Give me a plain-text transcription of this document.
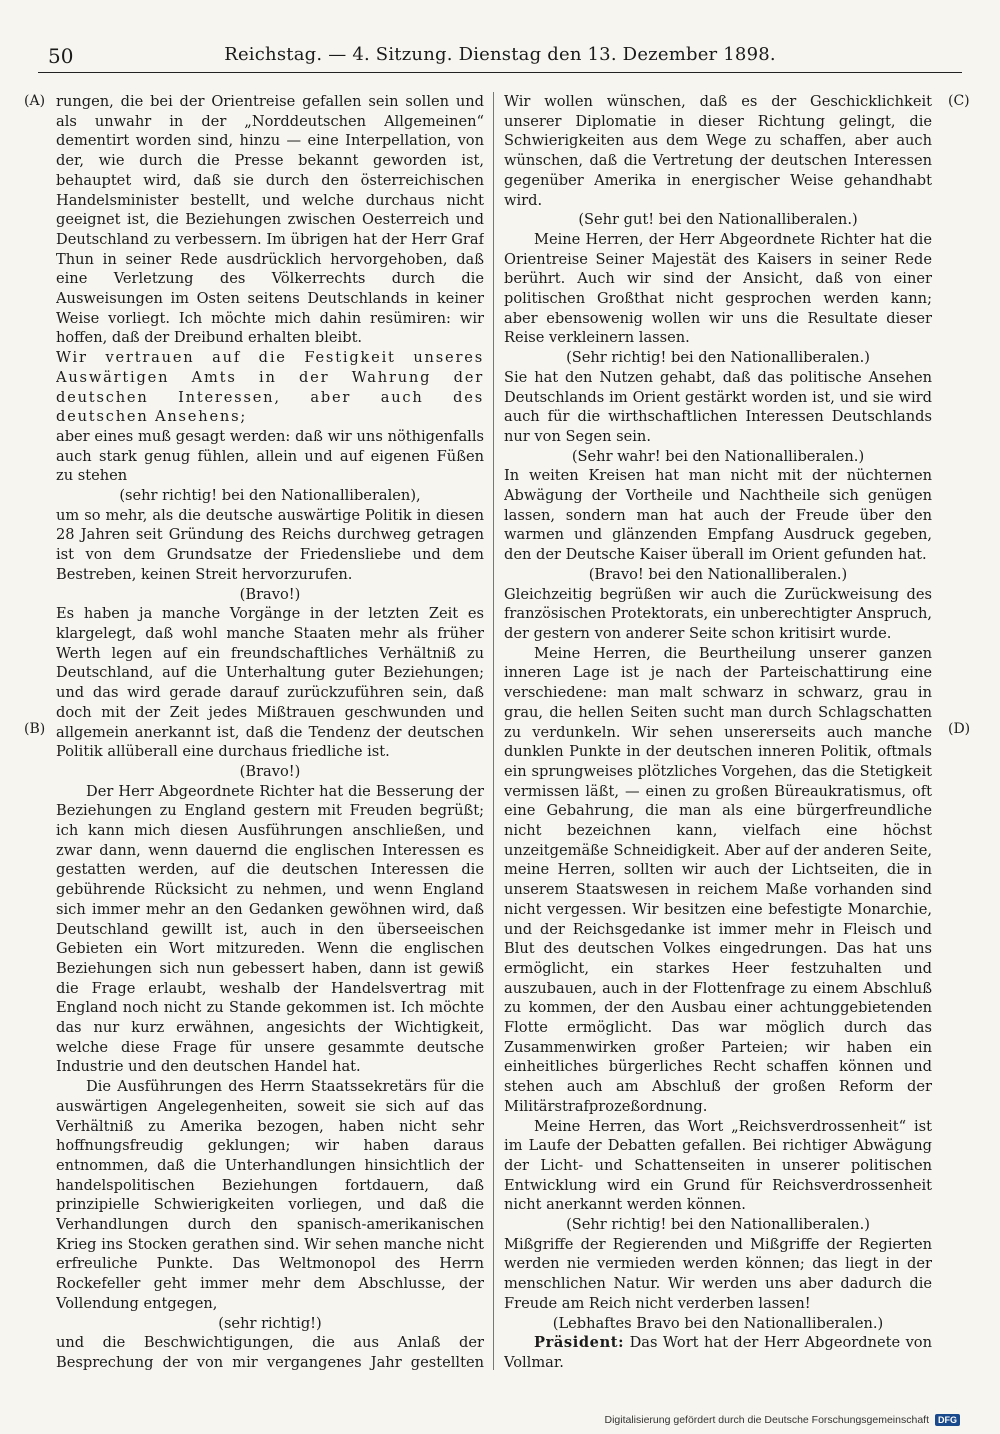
50	Reichstag. — 4. Sitzung. Dienstag den 13. Dezember 1898.
(A)
(B)
(C)
(D)

rungen, die bei der Orientreise gefallen sein sollen und als unwahr in der „Norddeutschen Allgemeinen“ dementirt worden sind, hinzu — eine Interpellation, von der, wie durch die Presse bekannt geworden ist, behauptet wird, daß sie durch den österreichischen Handelsminister bestellt, und welche durchaus nicht geeignet ist, die Beziehungen zwischen Oesterreich und Deutschland zu verbessern. Im übrigen hat der Herr Graf Thun in seiner Rede ausdrücklich hervorgehoben, daß eine Verletzung des Völkerrechts durch die Ausweisungen im Osten seitens Deutschlands in keiner Weise vorliegt. Ich möchte mich dahin resümiren: wir hoffen, daß der Dreibund erhalten bleibt.

Wir vertrauen auf die Festigkeit unseres Auswärtigen Amts in der Wahrung der deutschen Interessen, aber auch des deutschen Ansehens;

aber eines muß gesagt werden: daß wir uns nöthigenfalls auch stark genug fühlen, allein und auf eigenen Füßen zu stehen

(sehr richtig! bei den Nationalliberalen),

um so mehr, als die deutsche auswärtige Politik in diesen 28 Jahren seit Gründung des Reichs durchweg getragen ist von dem Grundsatze der Friedensliebe und dem Bestreben, keinen Streit hervorzurufen.

(Bravo!)

Es haben ja manche Vorgänge in der letzten Zeit es klargelegt, daß wohl manche Staaten mehr als früher Werth legen auf ein freundschaftliches Verhältniß zu Deutschland, auf die Unterhaltung guter Beziehungen; und das wird gerade darauf zurückzuführen sein, daß doch mit der Zeit jedes Mißtrauen geschwunden und allgemein anerkannt ist, daß die Tendenz der deutschen Politik allüberall eine durchaus friedliche ist.

(Bravo!)

Der Herr Abgeordnete Richter hat die Besserung der Beziehungen zu England gestern mit Freuden begrüßt; ich kann mich diesen Ausführungen anschließen, und zwar dann, wenn dauernd die englischen Interessen es gestatten werden, auf die deutschen Interessen die gebührende Rücksicht zu nehmen, und wenn England sich immer mehr an den Gedanken gewöhnen wird, daß Deutschland gewillt ist, auch in den überseeischen Gebieten ein Wort mitzureden. Wenn die englischen Beziehungen sich nun gebessert haben, dann ist gewiß die Frage erlaubt, weshalb der Handelsvertrag mit England noch nicht zu Stande gekommen ist. Ich möchte das nur kurz erwähnen, angesichts der Wichtigkeit, welche diese Frage für unsere gesammte deutsche Industrie und den deutschen Handel hat.

Die Ausführungen des Herrn Staatssekretärs für die auswärtigen Angelegenheiten, soweit sie sich auf das Verhältniß zu Amerika bezogen, haben nicht sehr hoffnungsfreudig geklungen; wir haben daraus entnommen, daß die Unterhandlungen hinsichtlich der handelspolitischen Beziehungen fortdauern, daß prinzipielle Schwierigkeiten vorliegen, und daß die Verhandlungen durch den spanisch-amerikanischen Krieg ins Stocken gerathen sind. Wir sehen manche nicht erfreuliche Punkte. Das Weltmonopol des Herrn Rockefeller geht immer mehr dem Abschlusse, der Vollendung entgegen,

(sehr richtig!)

und die Beschwichtigungen, die aus Anlaß der Besprechung der von mir vergangenes Jahr gestellten

Wir wollen wünschen, daß es der Geschicklichkeit unserer Diplomatie in dieser Richtung gelingt, die Schwierigkeiten aus dem Wege zu schaffen, aber auch wünschen, daß die Vertretung der deutschen Interessen gegenüber Amerika in energischer Weise gehandhabt wird.

(Sehr gut! bei den Nationalliberalen.)

Meine Herren, der Herr Abgeordnete Richter hat die Orientreise Seiner Majestät des Kaisers in seiner Rede berührt. Auch wir sind der Ansicht, daß von einer politischen Großthat nicht gesprochen werden kann; aber ebensowenig wollen wir uns die Resultate dieser Reise verkleinern lassen.

(Sehr richtig! bei den Nationalliberalen.)

Sie hat den Nutzen gehabt, daß das politische Ansehen Deutschlands im Orient gestärkt worden ist, und sie wird auch für die wirthschaftlichen Interessen Deutschlands nur von Segen sein.

(Sehr wahr! bei den Nationalliberalen.)

In weiten Kreisen hat man nicht mit der nüchternen Abwägung der Vortheile und Nachtheile sich genügen lassen, sondern man hat auch der Freude über den warmen und glänzenden Empfang Ausdruck gegeben, den der Deutsche Kaiser überall im Orient gefunden hat.

(Bravo! bei den Nationalliberalen.)

Gleichzeitig begrüßen wir auch die Zurückweisung des französischen Protektorats, ein unberechtigter Anspruch, der gestern von anderer Seite schon kritisirt wurde.

Meine Herren, die Beurtheilung unserer ganzen inneren Lage ist je nach der Parteischattirung eine verschiedene: man malt schwarz in schwarz, grau in grau, die hellen Seiten sucht man durch Schlagschatten zu verdunkeln. Wir sehen unsererseits auch manche dunklen Punkte in der deutschen inneren Politik, oftmals ein sprungweises plötzliches Vorgehen, das die Stetigkeit vermissen läßt, — einen zu großen Büreaukratismus, oft eine Gebahrung, die man als eine bürgerfreundliche nicht bezeichnen kann, vielfach eine höchst unzeitgemäße Schneidigkeit. Aber auf der anderen Seite, meine Herren, sollten wir auch der Lichtseiten, die in unserem Staatswesen in reichem Maße vorhanden sind nicht vergessen. Wir besitzen eine befestigte Monarchie, und der Reichsgedanke ist immer mehr in Fleisch und Blut des deutschen Volkes eingedrungen. Das hat uns ermöglicht, ein starkes Heer festzuhalten und auszubauen, auch in der Flottenfrage zu einem Abschluß zu kommen, der den Ausbau einer achtunggebietenden Flotte ermöglicht. Das war möglich durch das Zusammenwirken großer Parteien; wir haben ein einheitliches bürgerliches Recht schaffen können und stehen auch am Abschluß der großen Reform der Militärstrafprozeßordnung.

Meine Herren, das Wort „Reichsverdrossenheit“ ist im Laufe der Debatten gefallen. Bei richtiger Abwägung der Licht- und Schattenseiten in unserer politischen Entwicklung wird ein Grund für Reichsverdrossenheit nicht anerkannt werden können.

(Sehr richtig! bei den Nationalliberalen.)

Mißgriffe der Regierenden und Mißgriffe der Regierten werden nie vermieden werden können; das liegt in der menschlichen Natur. Wir werden uns aber dadurch die Freude am Reich nicht verderben lassen!

(Lebhaftes Bravo bei den Nationalliberalen.)

Präsident: Das Wort hat der Herr Abgeordnete von Vollmar.

Digitalisierung gefördert durch die Deutsche Forschungsgemeinschaft	DFG
